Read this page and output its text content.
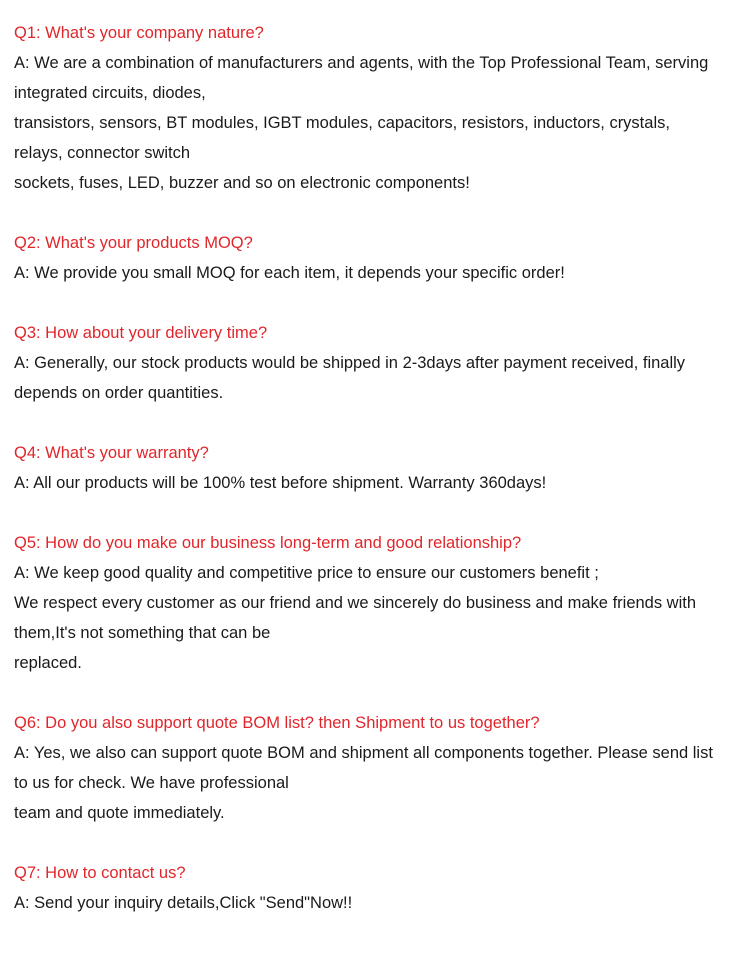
Q1: What's your company nature?
A: We are a combination of manufacturers and agents, with the Top Professional Team, serving
integrated circuits, diodes,
transistors, sensors, BT modules, IGBT modules, capacitors, resistors, inductors, crystals,
relays, connector switch
sockets, fuses, LED, buzzer and so on electronic components!
Q2: What's your products MOQ?
A: We provide you small MOQ for each item, it depends your specific order!
Q3: How about your delivery time?
A: Generally, our stock products would be shipped in 2-3days after payment received, finally
depends on order quantities.
Q4: What's your warranty?
A: All our products will be 100% test before shipment. Warranty 360days!
Q5: How do you make our business long-term and good relationship?
A: We keep good quality and competitive price to ensure our customers benefit ;
We respect every customer as our friend and we sincerely do business and make friends with
them,It's not something that can be
replaced.
Q6: Do you also support quote BOM list? then Shipment to us together?
A: Yes, we also can support quote BOM and shipment all components together. Please send list
to us for check. We have professional
team and quote immediately.
Q7: How to contact us?
A: Send your inquiry details,Click "Send"Now!!
